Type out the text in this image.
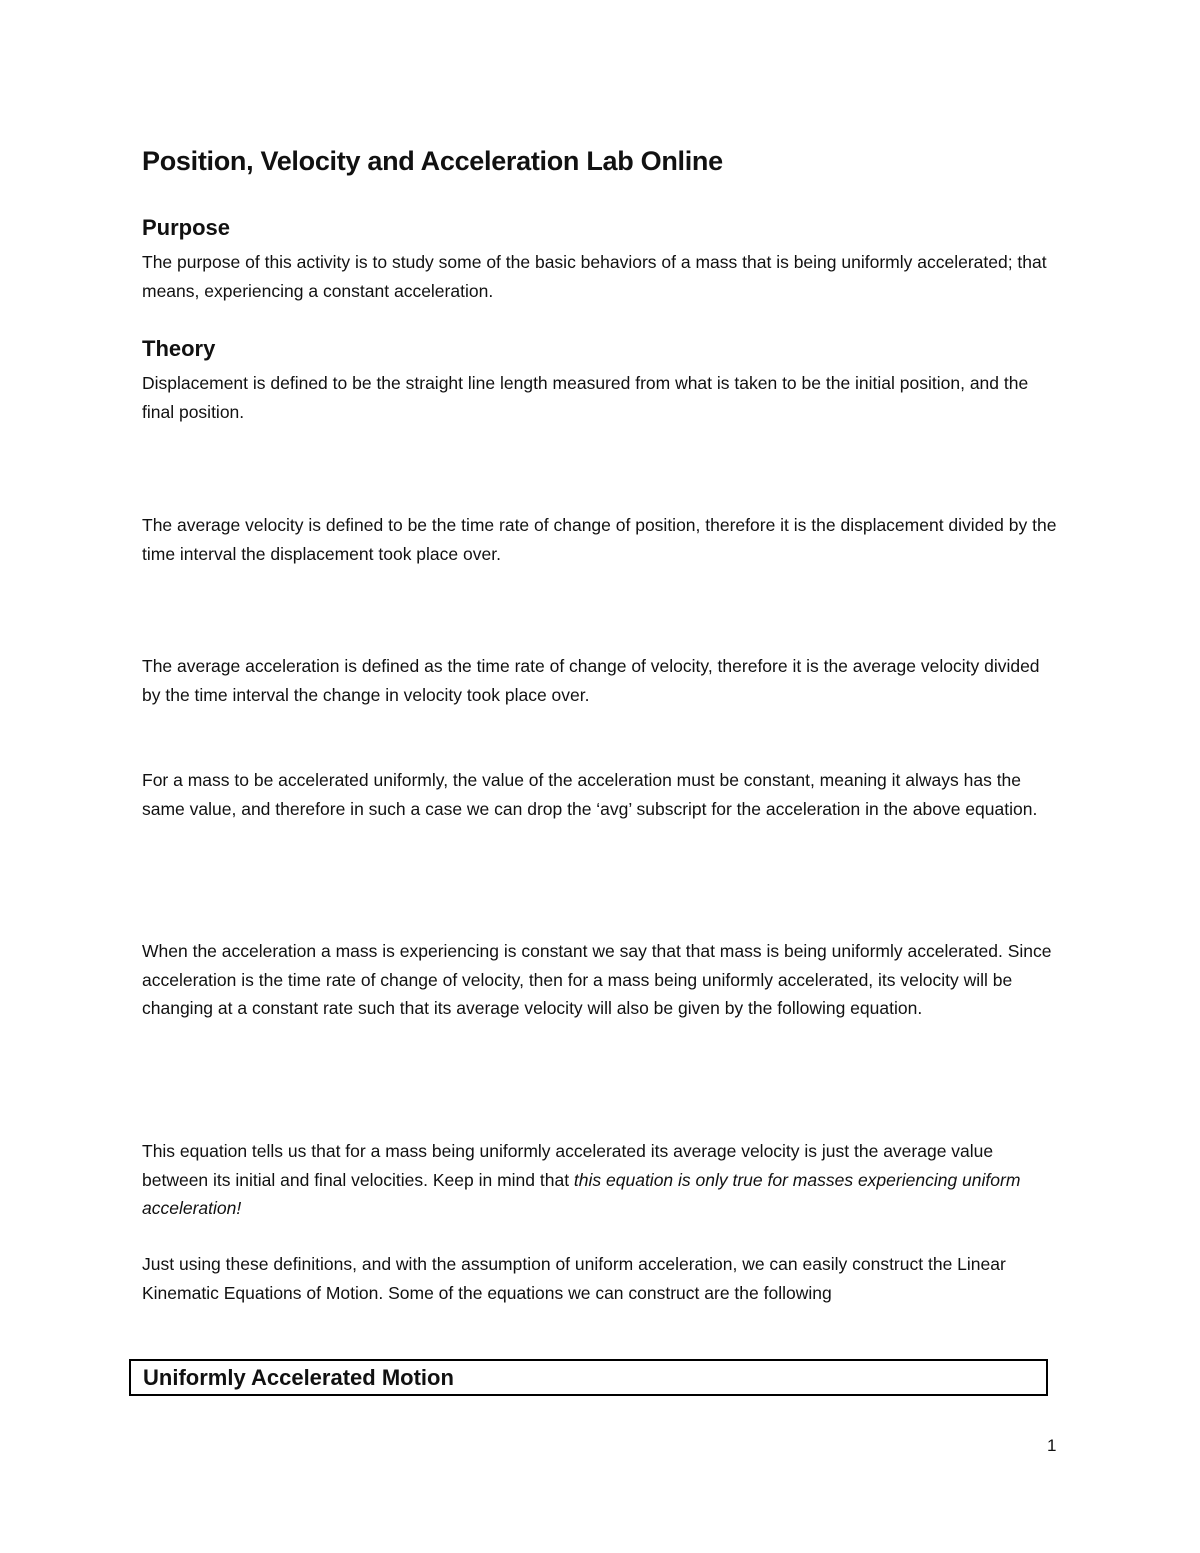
Position, Velocity and Acceleration Lab Online
Purpose

The purpose of this activity is to study some of the basic behaviors of a mass that is being uniformly accelerated; that means, experiencing a constant acceleration.

Theory

Displacement is defined to be the straight line length measured from what is taken to be the initial position, and the final position.

The average velocity is defined to be the time rate of change of position, therefore it is the displacement divided by the time interval the displacement took place over.

The average acceleration is defined as the time rate of change of velocity, therefore it is the average velocity divided by the time interval the change in velocity took place over.

For a mass to be accelerated uniformly, the value of the acceleration must be constant, meaning it always has the same value, and therefore in such a case we can drop the ‘avg’ subscript for the acceleration in the above equation.

When the acceleration a mass is experiencing is constant we say that that mass is being uniformly accelerated. Since acceleration is the time rate of change of velocity, then for a mass being uniformly accelerated, its velocity will be changing at a constant rate such that its average velocity will also be given by the following equation.

This equation tells us that for a mass being uniformly accelerated its average velocity is just the average value between its initial and final velocities. Keep in mind that this equation is only true for masses experiencing uniform acceleration!

Just using these definitions, and with the assumption of uniform acceleration, we can easily construct the Linear Kinematic Equations of Motion. Some of the equations we can construct are the following

Uniformly Accelerated Motion
1
